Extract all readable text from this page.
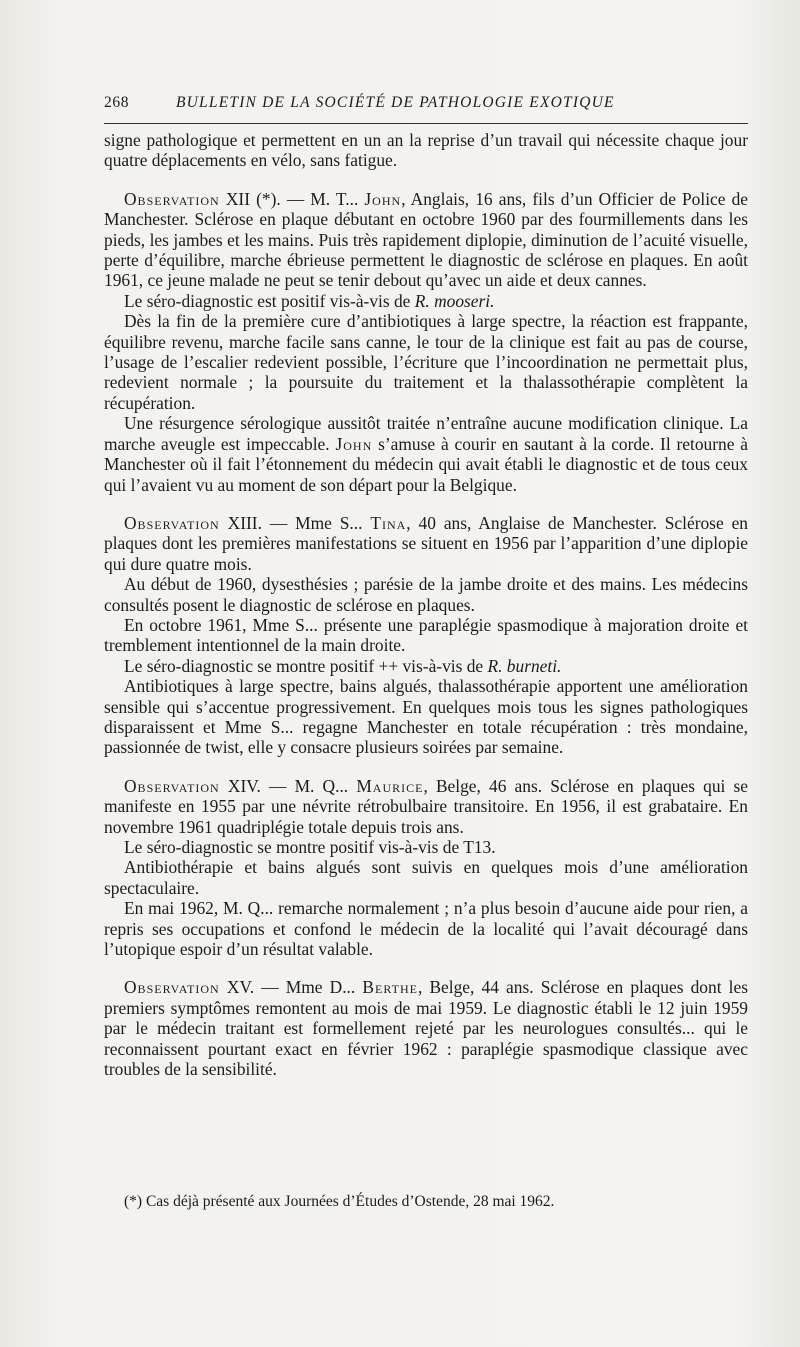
268	BULLETIN DE LA SOCIÉTÉ DE PATHOLOGIE EXOTIQUE

signe pathologique et permettent en un an la reprise d’un travail qui nécessite chaque jour quatre déplacements en vélo, sans fatigue.

Observation XII (*). — M. T... John, Anglais, 16 ans, fils d’un Officier de Police de Manchester. Sclérose en plaque débutant en octobre 1960 par des fourmillements dans les pieds, les jambes et les mains. Puis très rapidement diplopie, diminution de l’acuité visuelle, perte d’équilibre, marche ébrieuse permettent le diagnostic de sclérose en plaques. En août 1961, ce jeune malade ne peut se tenir debout qu’avec un aide et deux cannes.

Le séro-diagnostic est positif vis-à-vis de R. mooseri.

Dès la fin de la première cure d’antibiotiques à large spectre, la réaction est frappante, équilibre revenu, marche facile sans canne, le tour de la clinique est fait au pas de course, l’usage de l’escalier redevient possible, l’écriture que l’incoordination ne permettait plus, redevient normale ; la poursuite du traitement et la thalassothérapie complètent la récupération.

Une résurgence sérologique aussitôt traitée n’entraîne aucune modification clinique. La marche aveugle est impeccable. John s’amuse à courir en sautant à la corde. Il retourne à Manchester où il fait l’étonnement du médecin qui avait établi le diagnostic et de tous ceux qui l’avaient vu au moment de son départ pour la Belgique.

Observation XIII. — Mme S... Tina, 40 ans, Anglaise de Manchester. Sclérose en plaques dont les premières manifestations se situent en 1956 par l’apparition d’une diplopie qui dure quatre mois.

Au début de 1960, dysesthésies ; parésie de la jambe droite et des mains. Les médecins consultés posent le diagnostic de sclérose en plaques.

En octobre 1961, Mme S... présente une paraplégie spasmodique à majoration droite et tremblement intentionnel de la main droite.

Le séro-diagnostic se montre positif ++ vis-à-vis de R. burneti.

Antibiotiques à large spectre, bains algués, thalassothérapie apportent une amélioration sensible qui s’accentue progressivement. En quelques mois tous les signes pathologiques disparaissent et Mme S... regagne Manchester en totale récupération : très mondaine, passionnée de twist, elle y consacre plusieurs soirées par semaine.

Observation XIV. — M. Q... Maurice, Belge, 46 ans. Sclérose en plaques qui se manifeste en 1955 par une névrite rétrobulbaire transitoire. En 1956, il est grabataire. En novembre 1961 quadriplégie totale depuis trois ans.

Le séro-diagnostic se montre positif vis-à-vis de T13.

Antibiothérapie et bains algués sont suivis en quelques mois d’une amélioration spectaculaire.

En mai 1962, M. Q... remarche normalement ; n’a plus besoin d’aucune aide pour rien, a repris ses occupations et confond le médecin de la localité qui l’avait découragé dans l’utopique espoir d’un résultat valable.

Observation XV. — Mme D... Berthe, Belge, 44 ans. Sclérose en plaques dont les premiers symptômes remontent au mois de mai 1959. Le diagnostic établi le 12 juin 1959 par le médecin traitant est formellement rejeté par les neurologues consultés... qui le reconnaissent pourtant exact en février 1962 : paraplégie spasmodique classique avec troubles de la sensibilité.

(*) Cas déjà présenté aux Journées d’Études d’Ostende, 28 mai 1962.
